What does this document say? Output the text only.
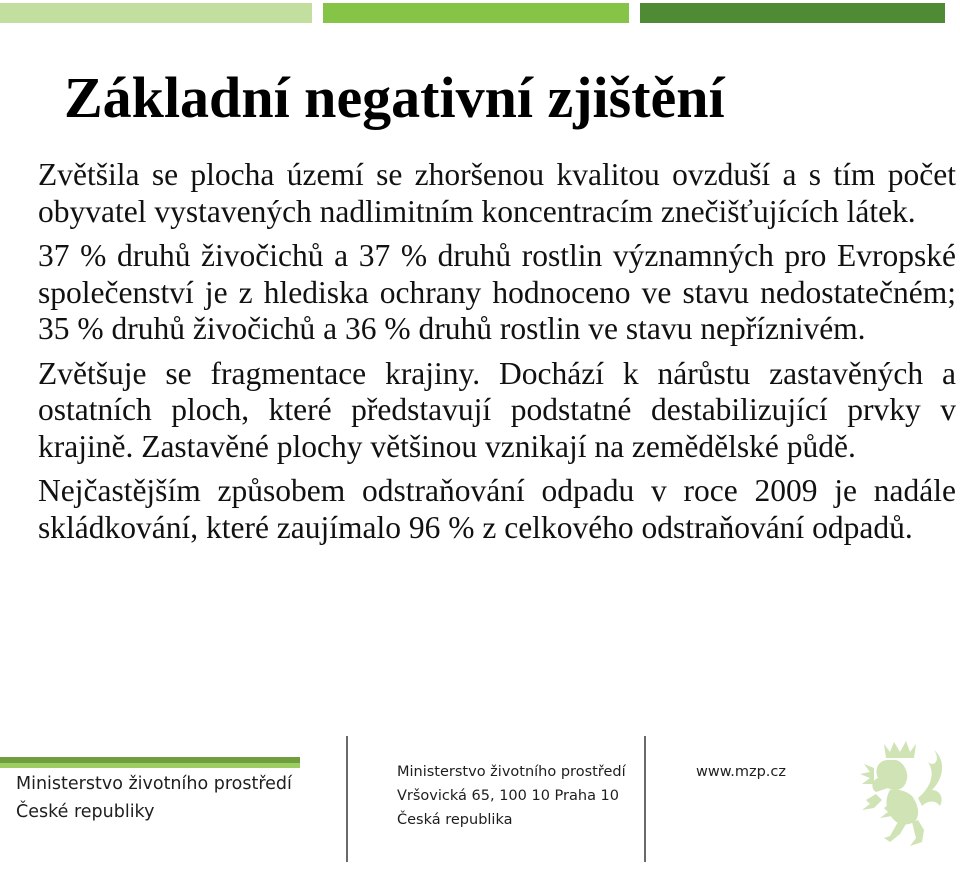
Základní negativní zjištění

Zvětšila se plocha území se zhoršenou kvalitou ovzduší a s tím počet obyvatel vystavených nadlimitním koncentracím znečišťujících látek.

37 % druhů živočichů a 37 % druhů rostlin významných pro Evropské společenství je z hlediska ochrany hodnoceno ve stavu nedostatečném; 35 % druhů živočichů a 36 % druhů rostlin ve stavu nepříznivém.

Zvětšuje se fragmentace krajiny. Dochází k nárůstu zastavěných a ostatních ploch, které představují podstatné destabilizující prvky v krajině. Zastavěné plochy většinou vznikají na zemědělské půdě.

Nejčastějším způsobem odstraňování odpadu v roce 2009 je nadále skládkování, které zaujímalo 96 % z celkového odstraňování odpadů.

Ministerstvo životního prostředí
České republiky

Ministerstvo životního prostředí
Vršovická 65, 100 10 Praha 10
Česká republika

www.mzp.cz
